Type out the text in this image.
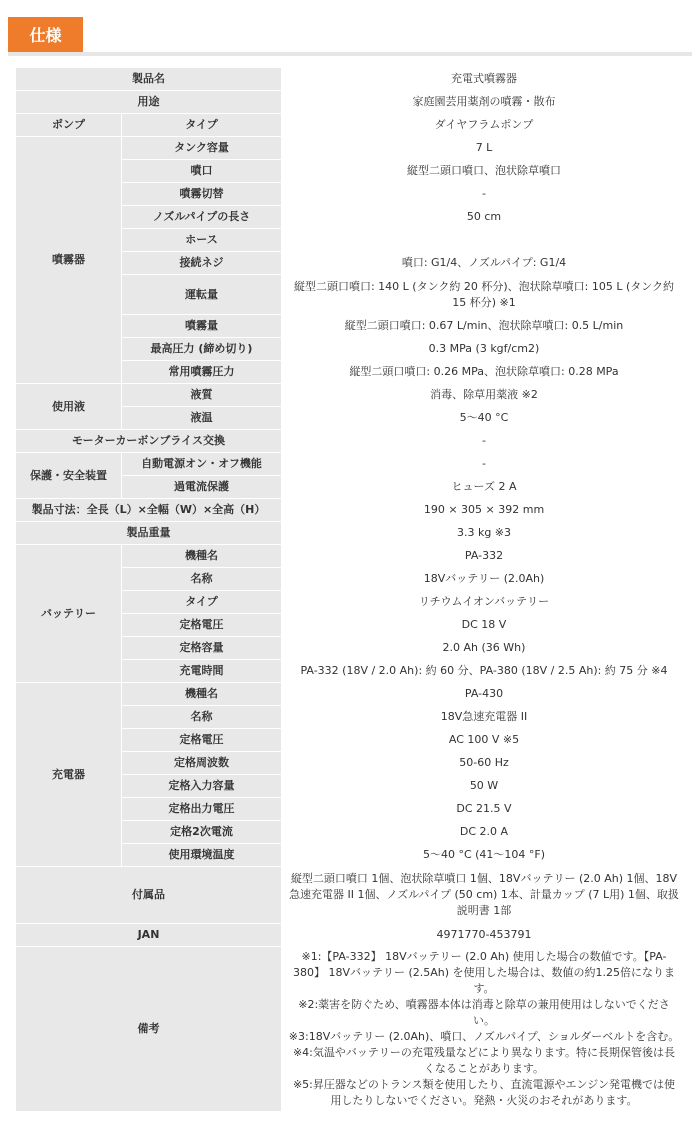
仕様
製品名		充電式噴霧器
用途		家庭園芸用薬剤の噴霧・散布
ポンプ	タイプ	ダイヤフラムポンプ
噴霧器	タンク容量	7 L
	噴口	縦型二頭口噴口、泡状除草噴口
	噴霧切替	-
	ノズルパイプの長さ	50 cm
	ホース	
	接続ネジ	噴口: G1/4、ノズルパイプ: G1/4
	運転量	縦型二頭口噴口: 140 L (タンク約 20 杯分)、泡状除草噴口: 105 L (タンク約 15 杯分) ※1
	噴霧量	縦型二頭口噴口: 0.67 L/min、泡状除草噴口: 0.5 L/min
	最高圧力 (締め切り)	0.3 MPa (3 kgf/cm2)
	常用噴霧圧力	縦型二頭口噴口: 0.26 MPa、泡状除草噴口: 0.28 MPa
使用液	液質	消毒、除草用薬液 ※2
	液温	5～40 °C
モーターカーボンブライス交換		-
保護・安全装置	自動電源オン・オフ機能	-
	過電流保護	ヒューズ 2 A
製品寸法：全長（L）×全幅（W）×全高（H）		190 × 305 × 392 mm
製品重量		3.3 kg ※3
バッテリー	機種名	PA-332
	名称	18Vバッテリー (2.0Ah)
	タイプ	リチウムイオンバッテリー
	定格電圧	DC 18 V
	定格容量	2.0 Ah (36 Wh)
	充電時間	PA-332 (18V / 2.0 Ah): 約 60 分、PA-380 (18V / 2.5 Ah): 約 75 分 ※4
充電器	機種名	PA-430
	名称	18V急速充電器 II
	定格電圧	AC 100 V ※5
	定格周波数	50-60 Hz
	定格入力容量	50 W
	定格出力電圧	DC 21.5 V
	定格2次電流	DC 2.0 A
	使用環境温度	5～40 °C (41～104 °F)
付属品		縦型二頭口噴口 1個、泡状除草噴口 1個、18Vバッテリー (2.0 Ah) 1個、18V急速充電器 II 1個、ノズルパイプ (50 cm) 1本、計量カップ (7 L用) 1個、取扱説明書 1部
JAN		4971770-453791
備考		※1:【PA-332】 18Vバッテリー (2.0 Ah) 使用した場合の数値です。【PA-380】 18Vバッテリー (2.5Ah) を使用した場合は、数値の約1.25倍になります。
※2:薬害を防ぐため、噴霧器本体は消毒と除草の兼用使用はしないでください。
※3:18Vバッテリー (2.0Ah)、噴口、ノズルパイプ、ショルダーベルトを含む。
※4:気温やバッテリーの充電残量などにより異なります。特に長期保管後は長くなることがあります。
※5:昇圧器などのトランス類を使用したり、直流電源やエンジン発電機では使用したりしないでください。発熱・火災のおそれがあります。
